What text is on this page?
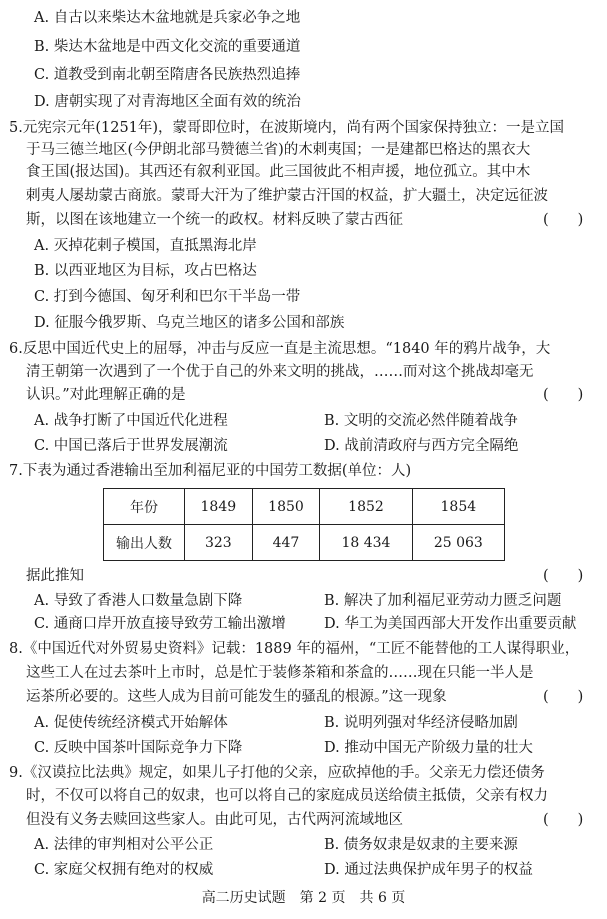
A. 自古以来柴达木盆地就是兵家必争之地
B. 柴达木盆地是中西文化交流的重要通道
C. 道教受到南北朝至隋唐各民族热烈追捧
D. 唐朝实现了对青海地区全面有效的统治
5.元宪宗元年(1251年)，蒙哥即位时，在波斯境内，尚有两个国家保持独立：一是立国
于马三德兰地区(今伊朗北部马赞德兰省)的木剌夷国；一是建都巴格达的黑衣大
食王国(报达国)。其西还有叙利亚国。此三国彼此不相声援，地位孤立。其中木
剌夷人屡劫蒙古商旅。蒙哥大汗为了维护蒙古汗国的权益，扩大疆土，决定远征波
斯，以图在该地建立一个统一的政权。材料反映了蒙古西征	(　　)
A. 灭掉花剌子模国，直抵黑海北岸
B. 以西亚地区为目标，攻占巴格达
C. 打到今德国、匈牙利和巴尔干半岛一带
D. 征服今俄罗斯、乌克兰地区的诸多公国和部族
6.反思中国近代史上的屈辱，冲击与反应一直是主流思想。“1840 年的鸦片战争，大
清王朝第一次遇到了一个优于自己的外来文明的挑战，……而对这个挑战却毫无
认识。”对此理解正确的是	(　　)
A. 战争打断了中国近代化进程	B. 文明的交流必然伴随着战争
C. 中国已落后于世界发展潮流	D. 战前清政府与西方完全隔绝
7.下表为通过香港输出至加利福尼亚的中国劳工数据(单位：人)
年份	1849	1850	1852	1854
输出人数	323	447	18 434	25 063
据此推知	(　　)
A. 导致了香港人口数量急剧下降	B. 解决了加利福尼亚劳动力匮乏问题
C. 通商口岸开放直接导致劳工输出激增	D. 华工为美国西部大开发作出重要贡献
8.《中国近代对外贸易史资料》记载：1889 年的福州，“工匠不能替他的工人谋得职业，
这些工人在过去茶叶上市时，总是忙于装修茶箱和茶盒的……现在只能一半人是
运茶所必要的。这些人成为目前可能发生的骚乱的根源。”这一现象	(　　)
A. 促使传统经济模式开始解体	B. 说明列强对华经济侵略加剧
C. 反映中国茶叶国际竞争力下降	D. 推动中国无产阶级力量的壮大
9.《汉谟拉比法典》规定，如果儿子打他的父亲，应砍掉他的手。父亲无力偿还债务
时，不仅可以将自己的奴隶，也可以将自己的家庭成员送给债主抵债，父亲有权力
但没有义务去赎回这些家人。由此可见，古代两河流域地区	(　　)
A. 法律的审判相对公平公正	B. 债务奴隶是奴隶的主要来源
C. 家庭父权拥有绝对的权威	D. 通过法典保护成年男子的权益
高二历史试题　第 2 页　共 6 页
